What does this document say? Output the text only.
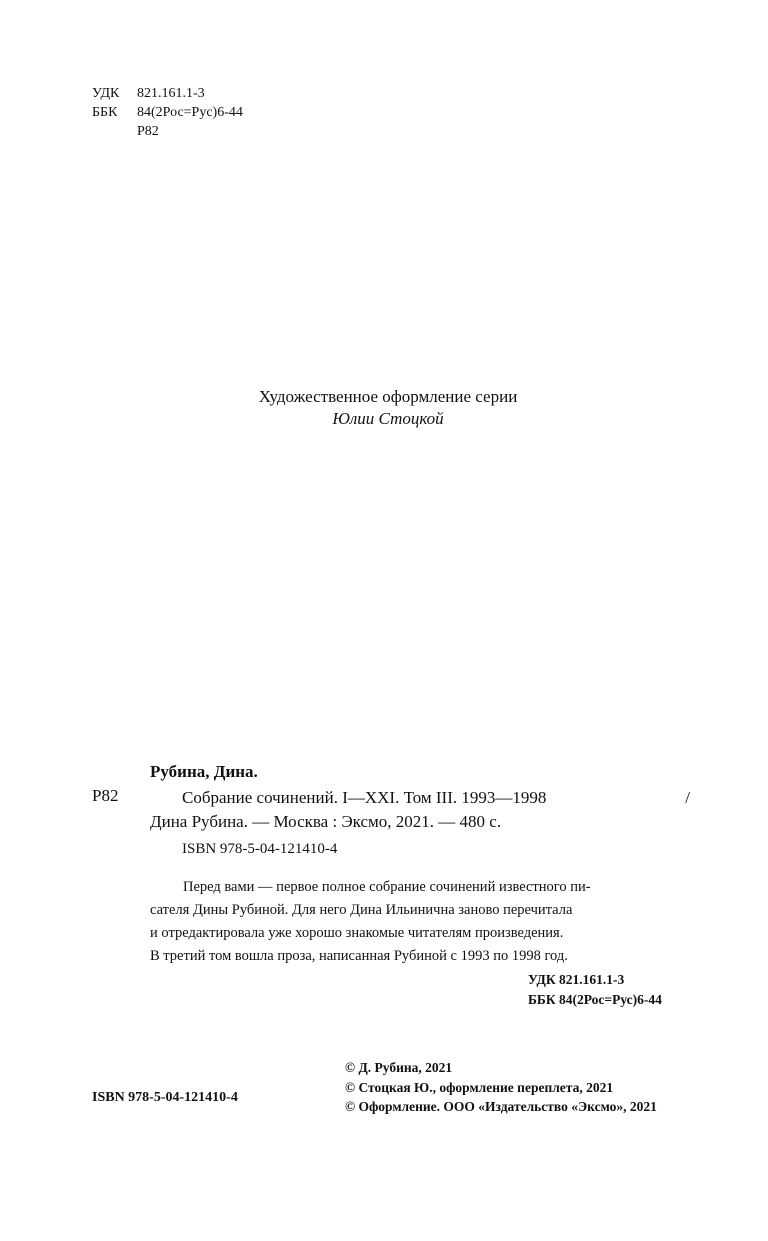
УДК 821.161.1-3
ББК 84(2Рос=Рус)6-44
Р82
Художественное оформление серии
Юлии Стоцкой
Рубина, Дина.
Р82	Собрание сочинений. I—XXI. Том III. 1993—1998	/
Дина Рубина. — Москва : Эксмо, 2021. — 480 с.
ISBN 978-5-04-121410-4
Перед вами — первое полное собрание сочинений известного пи-
сателя Дины Рубиной. Для него Дина Ильинична заново перечитала
и отредактировала уже хорошо знакомые читателям произведения.
В третий том вошла проза, написанная Рубиной с 1993 по 1998 год.
УДК 821.161.1-3
ББК 84(2Рос=Рус)6-44
© Д. Рубина, 2021
© Стоцкая Ю., оформление переплета, 2021
© Оформление. ООО «Издательство «Эксмо», 2021
ISBN 978-5-04-121410-4
